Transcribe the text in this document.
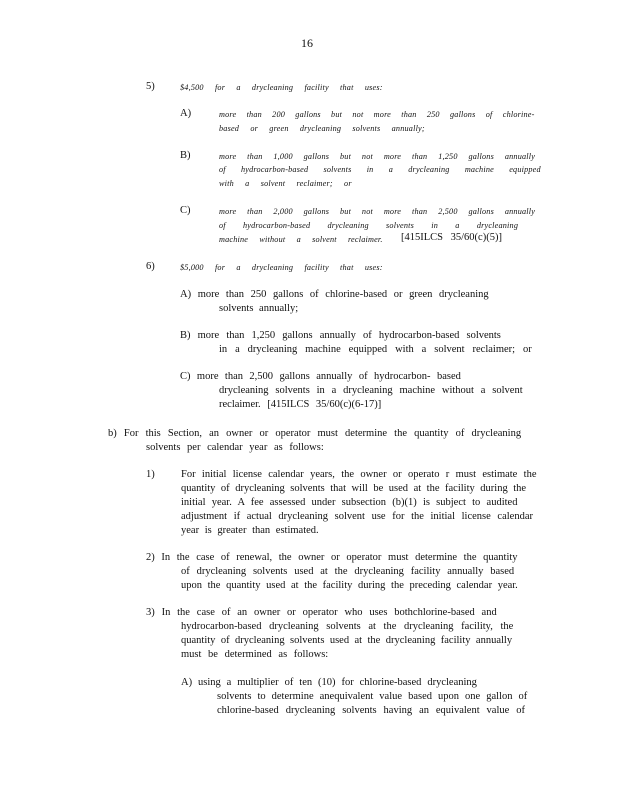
16
5)	$4,500 for a drycleaning facility that uses:
A)	more than 200 gallons but not more than 250 gallons of chlorine-
based or green drycleaning solvents annually;
B)	more than 1,000 gallons but not more than 1,250 gallons annually
of hydrocarbon-based solvents in a drycleaning machine equipped
with a solvent reclaimer; or
C)	more than 2,000 gallons but not more than 2,500 gallons annually
of hydrocarbon-based drycleaning solvents in a drycleaning
machine without a solvent reclaimer. [415ILCS 35/60(c)(5)]
6)	$5,000 for a drycleaning facility that uses:
A) more than 250 gallons of chlorine-based or green drycleaning
solvents annually;
B) more than 1,250 gallons annually of hydrocarbon-based solvents
in a drycleaning machine equipped with a solvent reclaimer; or
C) more than 2,500 gallons annually of hydrocarbon- based
drycleaning solvents in a drycleaning machine without a solvent
reclaimer. [415ILCS 35/60(c)(6-17)]
b) For this Section, an owner or operator must determine the quantity of drycleaning
solvents per calendar year as follows:
1)	For initial license calendar years, the owner or operato r must estimate the
quantity of drycleaning solvents that will be used at the facility during the
initial year. A fee assessed under subsection (b)(1) is subject to audited
adjustment if actual drycleaning solvent use for the initial license calendar
year is greater than estimated.
2) In the case of renewal, the owner or operator must determine the quantity
of drycleaning solvents used at the drycleaning facility annually based
upon the quantity used at the facility during the preceding calendar year.
3) In the case of an owner or operator who uses bothchlorine-based and
hydrocarbon-based drycleaning solvents at the drycleaning facility, the
quantity of drycleaning solvents used at the drycleaning facility annually
must be determined as follows:
A) using a multiplier of ten (10) for chlorine-based drycleaning
solvents to determine anequivalent value based upon one gallon of
chlorine-based drycleaning solvents having an equivalent value of
